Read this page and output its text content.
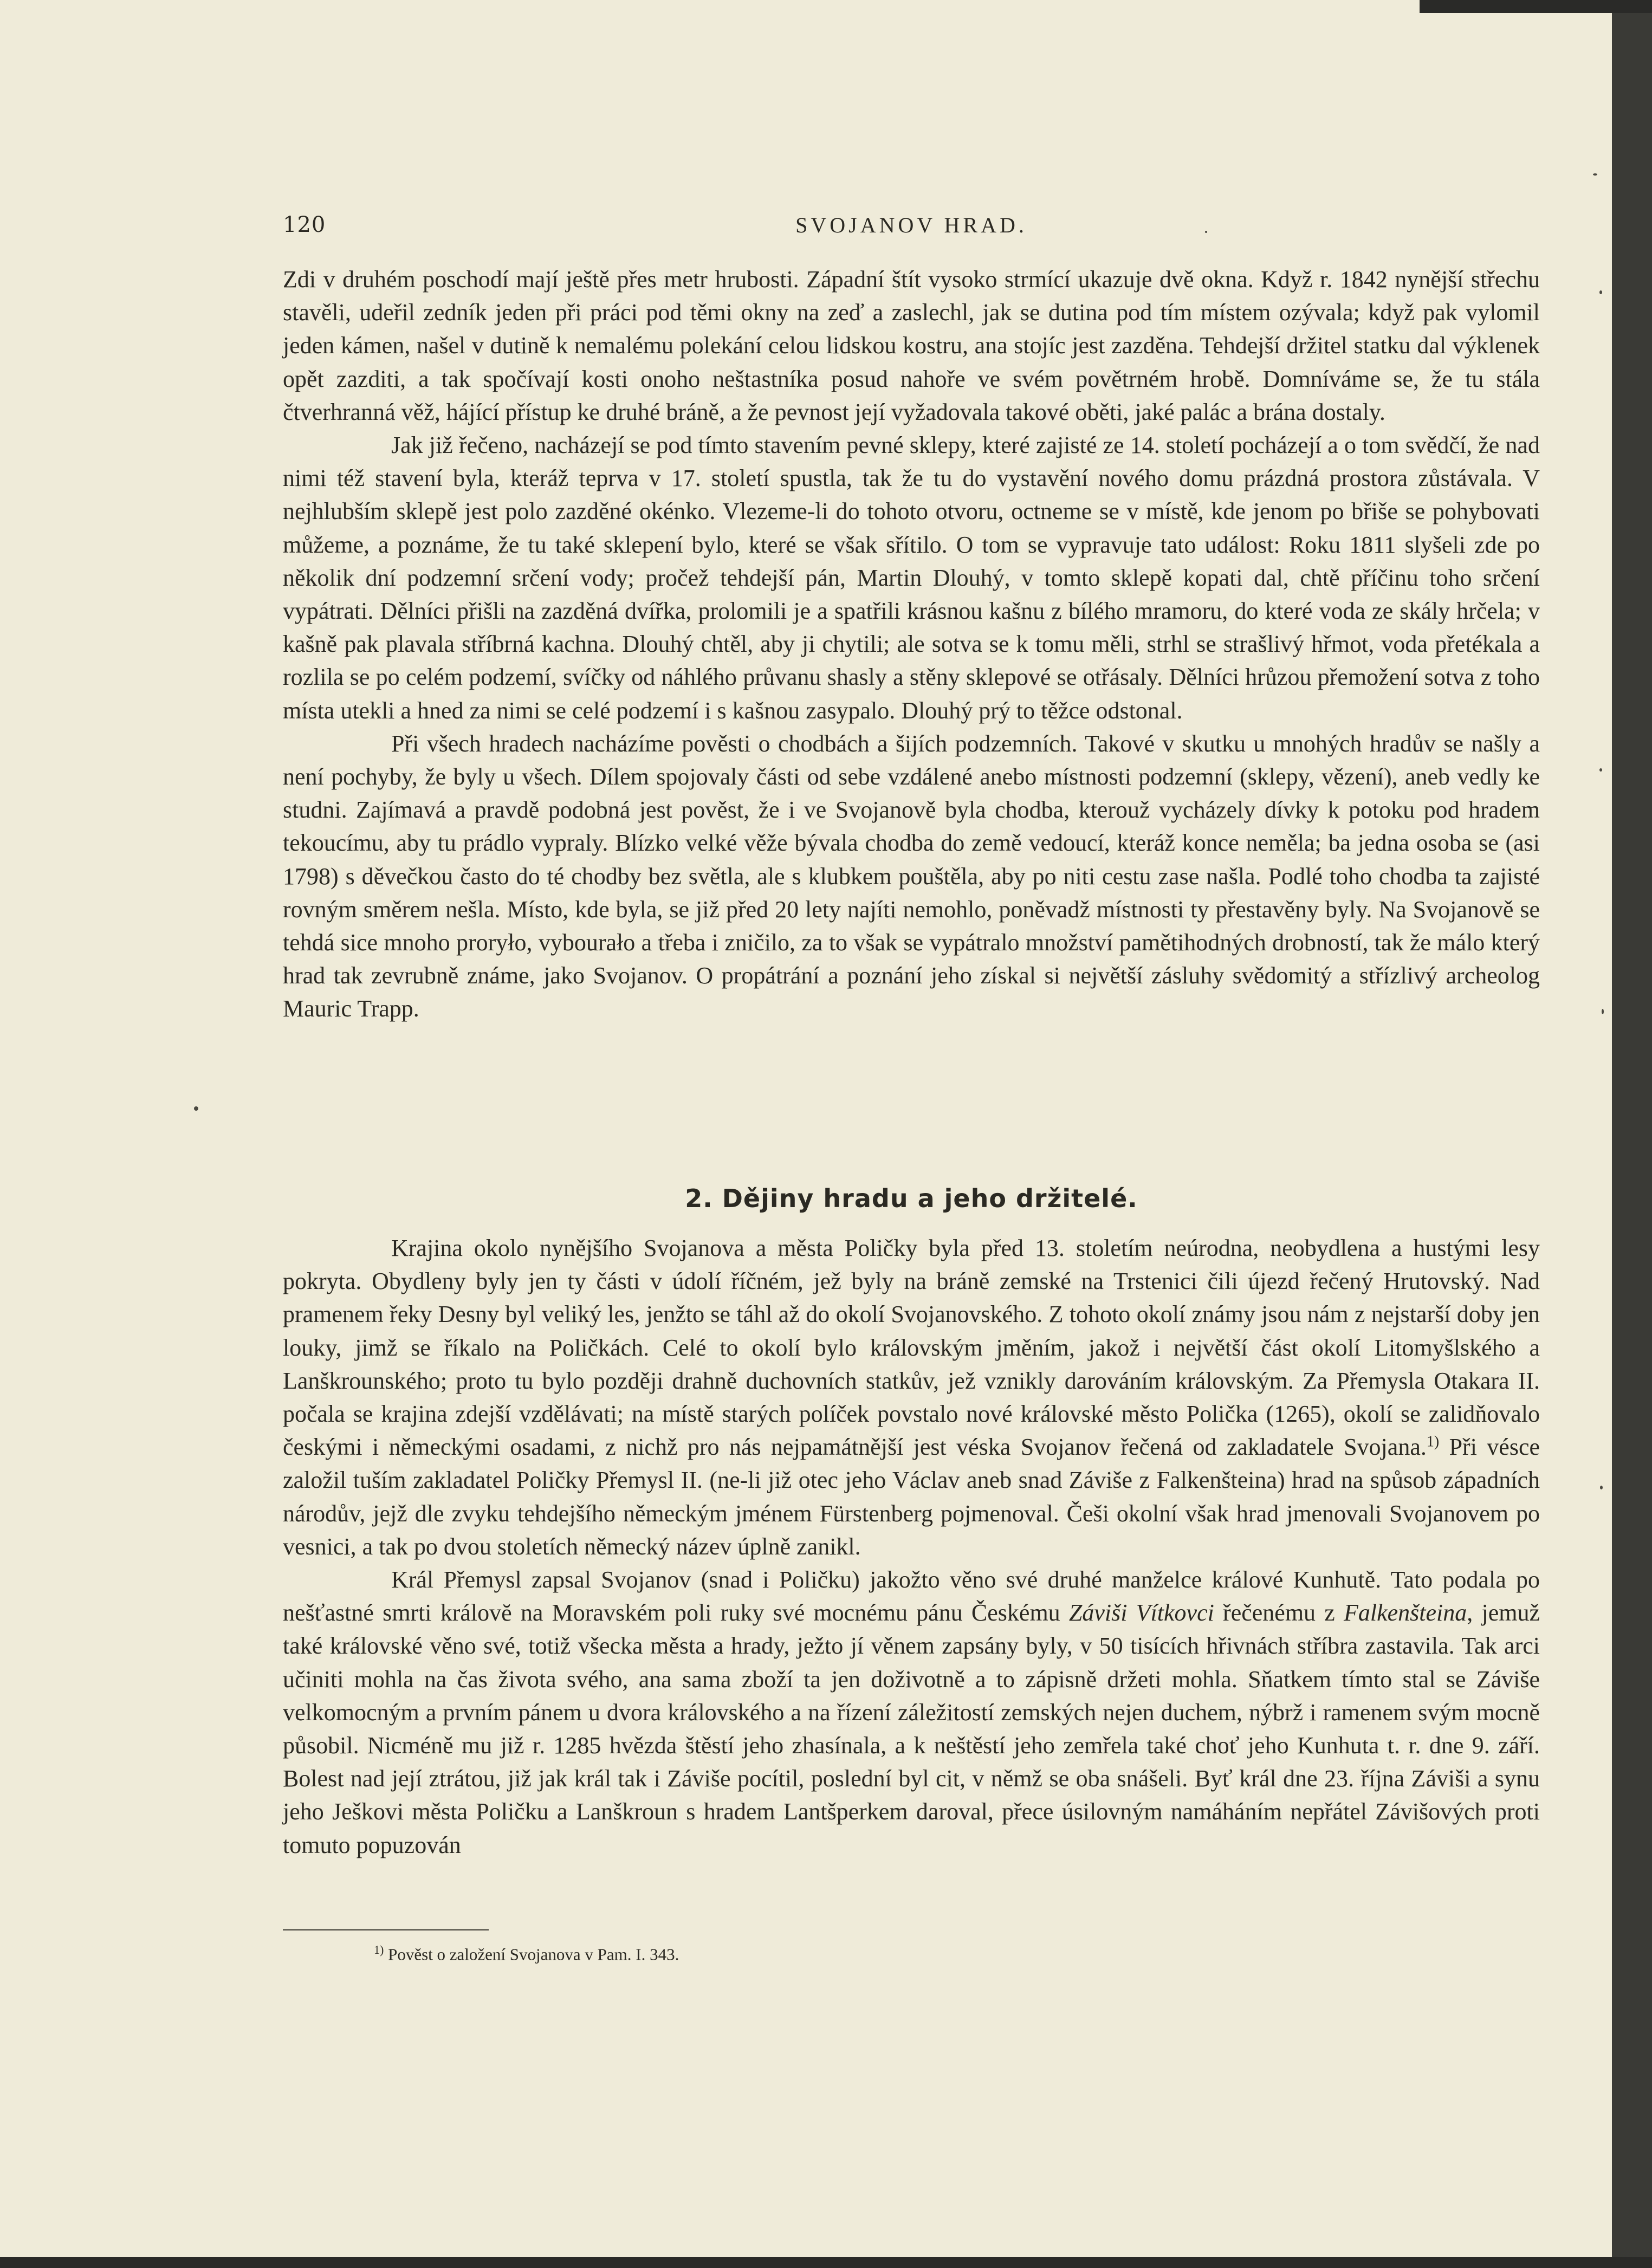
120	SVOJANOV HRAD.

Zdi v druhém poschodí mají ještě přes metr hrubosti. Západní štít vysoko strmící ukazuje dvě okna. Když r. 1842 nynější střechu stavěli, udeřil zedník jeden při práci pod těmi okny na zeď a zaslechl, jak se dutina pod tím místem ozývala; když pak vylomil jeden kámen, našel v dutině k nemalému polekání celou lidskou kostru, ana stojíc jest zazděna. Tehdejší držitel statku dal výklenek opět zazditi, a tak spočívají kosti onoho neštastníka posud nahoře ve svém povětrném hrobě. Domníváme se, že tu stála čtverhranná věž, hájící přístup ke druhé bráně, a že pevnost její vyžadovala takové oběti, jaké palác a brána dostaly.

Jak již řečeno, nacházejí se pod tímto stavením pevné sklepy, které zajisté ze 14. století pocházejí a o tom svědčí, že nad nimi též stavení byla, kteráž teprva v 17. století spustla, tak že tu do vystavění nového domu prázdná prostora zůstávala. V nejhlubším sklepě jest polo zazděné okénko. Vlezeme-li do tohoto otvoru, octneme se v místě, kde jenom po břiše se pohybovati můžeme, a poznáme, že tu také sklepení bylo, které se však sřítilo. O tom se vypravuje tato událost: Roku 1811 slyšeli zde po několik dní podzemní srčení vody; pročež tehdejší pán, Martin Dlouhý, v tomto sklepě kopati dal, chtě příčinu toho srčení vypátrati. Dělníci přišli na zazděná dvířka, prolomili je a spatřili krásnou kašnu z bílého mramoru, do které voda ze skály hrčela; v kašně pak plavala stříbrná kachna. Dlouhý chtěl, aby ji chytili; ale sotva se k tomu měli, strhl se strašlivý hřmot, voda přetékala a rozlila se po celém podzemí, svíčky od náhlého průvanu shasly a stěny sklepové se otřásaly. Dělníci hrůzou přemožení sotva z toho místa utekli a hned za nimi se celé podzemí i s kašnou zasypalo. Dlouhý prý to těžce odstonal.

Při všech hradech nacházíme pověsti o chodbách a šijích podzemních. Takové v skutku u mnohých hradův se našly a není pochyby, že byly u všech. Dílem spojovaly části od sebe vzdálené anebo místnosti podzemní (sklepy, vězení), aneb vedly ke studni. Zajímavá a pravdě podobná jest pověst, že i ve Svojanově byla chodba, kterouž vycházely dívky k potoku pod hradem tekoucímu, aby tu prádlo vypraly. Blízko velké věže bývala chodba do země vedoucí, kteráž konce neměla; ba jedna osoba se (asi 1798) s děvečkou často do té chodby bez světla, ale s klubkem pouštěla, aby po niti cestu zase našla. Podlé toho chodba ta zajisté rovným směrem nešla. Místo, kde byla, se již před 20 lety najíti nemohlo, poněvadž místnosti ty přestavěny byly. Na Svojanově se tehdá sice mnoho proryło, vybourało a třeba i zničilo, za to však se vypátralo množství pamětihodných drobností, tak že málo který hrad tak zevrubně známe, jako Svojanov. O propátrání a poznání jeho získal si největší zásluhy svědomitý a střízlivý archeolog Mauric Trapp.

2. Dějiny hradu a jeho držitelé.

Krajina okolo nynějšího Svojanova a města Poličky byla před 13. stoletím neúrodna, neobydlena a hustými lesy pokryta. Obydleny byly jen ty části v údolí říčném, jež byly na bráně zemské na Trstenici čili újezd řečený Hrutovský. Nad pramenem řeky Desny byl veliký les, jenžto se táhl až do okolí Svojanovského. Z tohoto okolí známy jsou nám z nejstarší doby jen louky, jimž se říkalo na Poličkách. Celé to okolí bylo královským jměním, jakož i největší část okolí Litomyšlského a Lanškrounského; proto tu bylo později drahně duchovních statkův, jež vznikly darováním královským. Za Přemysla Otakara II. počala se krajina zdejší vzdělávati; na místě starých políček povstalo nové královské město Polička (1265), okolí se zalidňovalo českými i německými osadami, z nichž pro nás nejpamátnější jest véska Svojanov řečená od zakladatele Svojana.$^{1)}$ Při vésce založil tuším zakladatel Poličky Přemysl II. (ne-li již otec jeho Václav aneb snad Záviše z Falkenšteina) hrad na spůsob západních národův, jejž dle zvyku tehdejšího německým jménem Fürstenberg pojmenoval. Češi okolní však hrad jmenovali Svojanovem po vesnici, a tak po dvou stoletích německý název úplně zanikl.

Král Přemysl zapsal Svojanov (snad i Poličku) jakožto věno své druhé manželce králové Kunhutě. Tato podala po nešťastné smrti královĕ na Moravském poli ruky své mocnému pánu Českému Záviši Vítkovci řečenému z Falkenšteina, jemuž také královské věno své, totiž všecka města a hrady, ježto jí věnem zapsány byly, v 50 tisících hřivnách stříbra zastavila. Tak arci učiniti mohla na čas života svého, ana sama zboží ta jen doživotně a to zápisně držeti mohla. Sňatkem tímto stal se Záviše velkomocným a prvním pánem u dvora královského a na řízení záležitostí zemských nejen duchem, nýbrž i ramenem svým mocně působil. Nicméně mu již r. 1285 hvězda štěstí jeho zhasínala, a k neštěstí jeho zemřela také choť jeho Kunhuta t. r. dne 9. září. Bolest nad její ztrátou, již jak král tak i Záviše pocítil, poslední byl cit, v němž se oba snášeli. Byť král dne 23. října Záviši a synu jeho Ješkovi města Poličku a Lanškroun s hradem Lantšperkem daroval, přece úsilovným namáháním nepřátel Závišových proti tomuto popuzován

$^{1)}$ Pověst o založení Svojanova v Pam. I. 343.
